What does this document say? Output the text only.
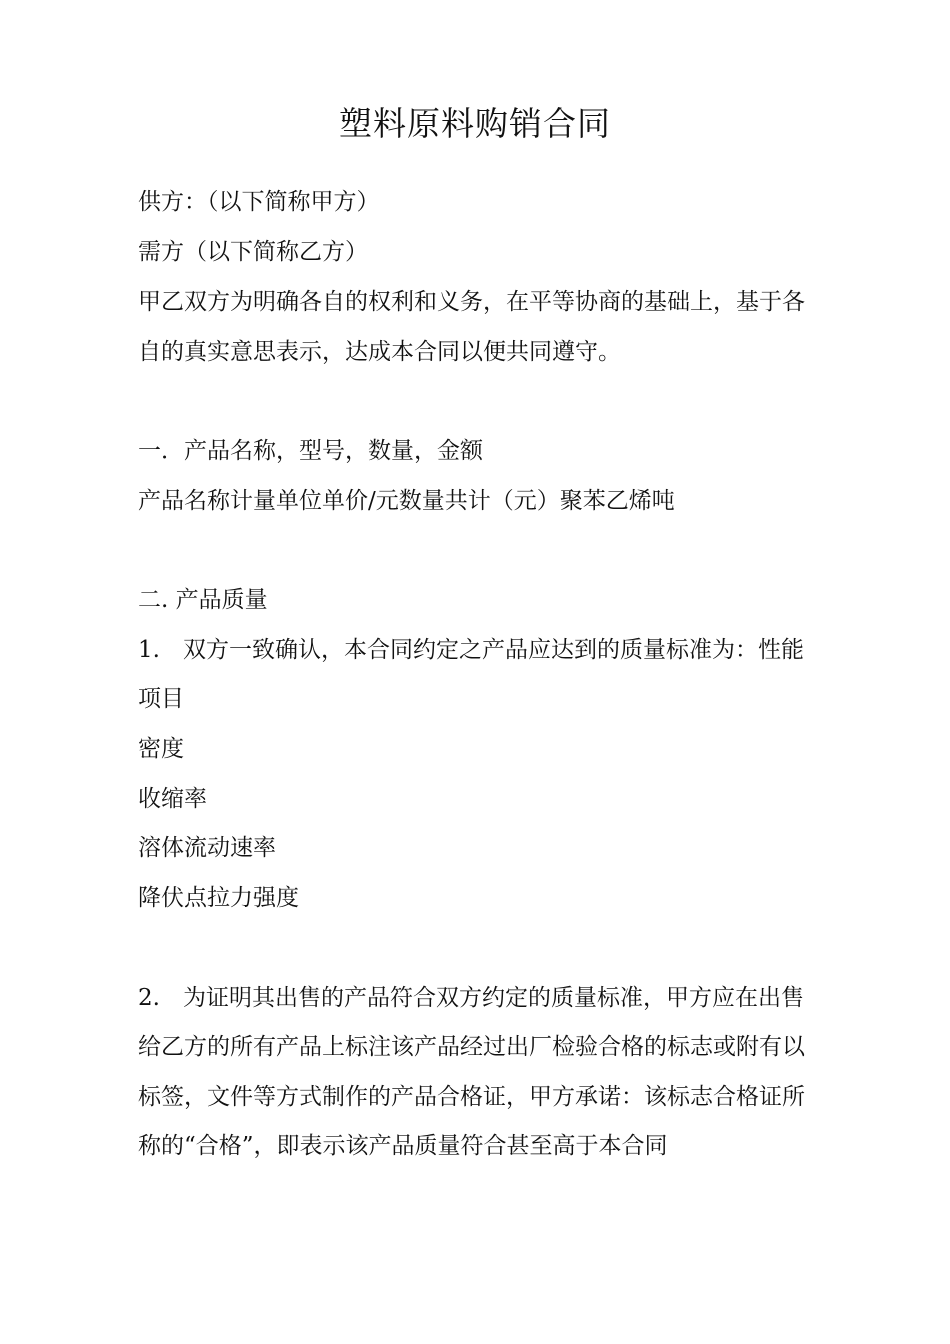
塑料原料购销合同
供方：（以下简称甲方）
需方（以下简称乙方）
甲乙双方为明确各自的权利和义务，在平等协商的基础上，基于各
自的真实意思表示，达成本合同以便共同遵守。
一．产品名称，型号，数量，金额
产品名称计量单位单价/元数量共计（元）聚苯乙烯吨
二. 产品质量
1.　双方一致确认，本合同约定之产品应达到的质量标准为：性能
项目
密度
收缩率
溶体流动速率
降伏点拉力强度
2.　为证明其出售的产品符合双方约定的质量标准，甲方应在出售
给乙方的所有产品上标注该产品经过出厂检验合格的标志或附有以
标签，文件等方式制作的产品合格证，甲方承诺：该标志合格证所
称的“合格”，即表示该产品质量符合甚至高于本合同
